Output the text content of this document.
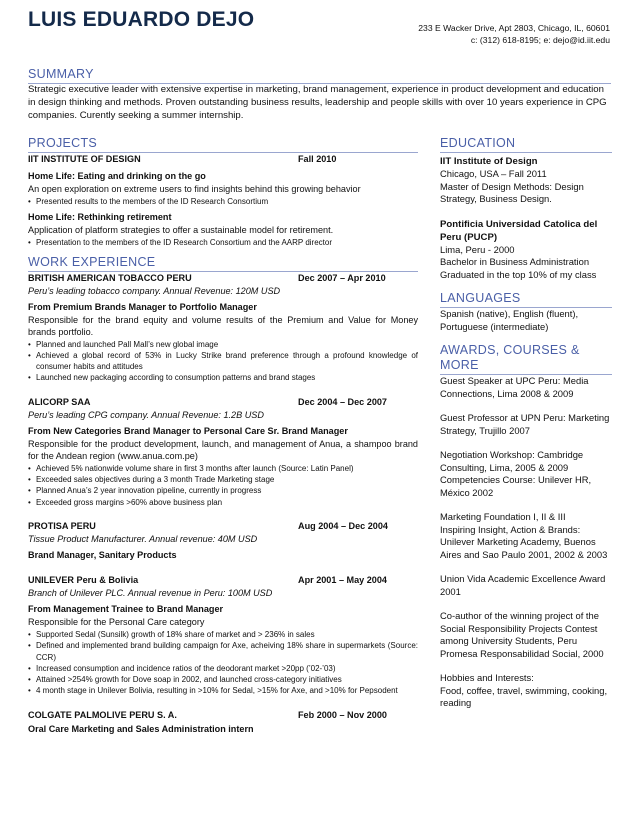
LUIS EDUARDO DEJO	233 E Wacker Drive, Apt 2803, Chicago, IL, 60601
c: (312) 618-8195; e: dejo@id.iit.edu
SUMMARY
Strategic executive leader with extensive expertise in marketing, brand management, experience in product development and education in design thinking and methods. Proven outstanding business results, leadership and people skills with over 10 years experience in CPG companies. Curently seeking a summer internship.
PROJECTS
IIT INSTITUTE OF DESIGN	Fall 2010
Home Life: Eating and drinking on the go
An open exploration on extreme users to find insights behind this growing behavior
• Presented results to the members of the ID Research Consortium
Home Life: Rethinking retirement
Application of platform strategies to offer a sustainable model for retirement.
• Presentation to the members of the ID Research Consortium and the AARP director
WORK EXPERIENCE
BRITISH AMERICAN TOBACCO PERU	Dec 2007 – Apr 2010
Peru’s leading tobacco company. Annual Revenue: 120M USD
From Premium Brands Manager to Portfolio Manager
Responsible for the brand equity and volume results of the Premium and Value for Money brands portfolio.
• Planned and launched Pall Mall’s new global image
• Achieved a global record of 53% in Lucky Strike brand preference through a profound knowledge of consumer habits and attitudes
• Launched new packaging according to consumption patterns and brand stages
ALICORP SAA	Dec 2004 – Dec 2007
Peru’s leading CPG company. Annual Revenue: 1.2B USD
From New Categories Brand Manager to Personal Care Sr. Brand Manager
Responsible for the product development, launch, and management of Anua, a shampoo brand for the Andean region (www.anua.com.pe)
• Achieved 5% nationwide volume share in first 3 months after launch (Source: Latin Panel)
• Exceeded sales objectives during a 3 month Trade Marketing stage
• Planned Anua’s 2 year innovation pipeline, currently in progress
• Exceeded gross margins >60% above business plan
PROTISA PERU	Aug 2004 – Dec 2004
Tissue Product Manufacturer. Annual revenue: 40M USD
Brand Manager, Sanitary Products
UNILEVER Peru & Bolivia	Apr 2001 – May 2004
Branch of Unilever PLC. Annual revenue in Peru: 100M USD
From Management Trainee to Brand Manager
Responsible for the Personal Care category
• Supported Sedal (Sunsilk) growth of 18% share of market and > 236% in sales
• Defined and implemented brand building campaign for Axe, acheiving 18% share in supermarkets (Source: CCR)
• Increased consumption and incidence ratios of the deodorant market >20pp (’02-’03)
• Attained >254% growth for Dove soap in 2002, and launched cross-category initiatives
• 4 month stage in Unilever Bolivia, resulting in >10% for Sedal, >15% for Axe, and >10% for Pepsodent
COLGATE PALMOLIVE PERU S. A.	Feb 2000 – Nov 2000
Oral Care Marketing and Sales Administration intern
EDUCATION
IIT Institute of Design
Chicago, USA – Fall 2011
Master of Design Methods: Design Strategy, Business Design.
Pontificia Universidad Catolica del Peru (PUCP)
Lima, Peru - 2000
Bachelor in Business Administration
Graduated in the top 10% of my class
LANGUAGES
Spanish (native), English (fluent), Portuguese (intermediate)
AWARDS, COURSES & MORE
Guest Speaker at UPC Peru: Media Connections, Lima 2008 & 2009
Guest Professor at UPN Peru: Marketing Strategy, Trujillo 2007
Negotiation Workshop: Cambridge Consulting, Lima, 2005 & 2009
Competencies Course: Unilever HR, México 2002
Marketing Foundation I, II & III
Inspiring Insight, Action & Brands: Unilever Marketing Academy, Buenos Aires and Sao Paulo 2001, 2002 & 2003
Union Vida Academic Excellence Award 2001
Co-author of the winning project of the Social Responsibility Projects Contest among University Students, Peru Promesa Responsabilidad Social, 2000
Hobbies and Interests:
Food, coffee, travel, swimming, cooking, reading
